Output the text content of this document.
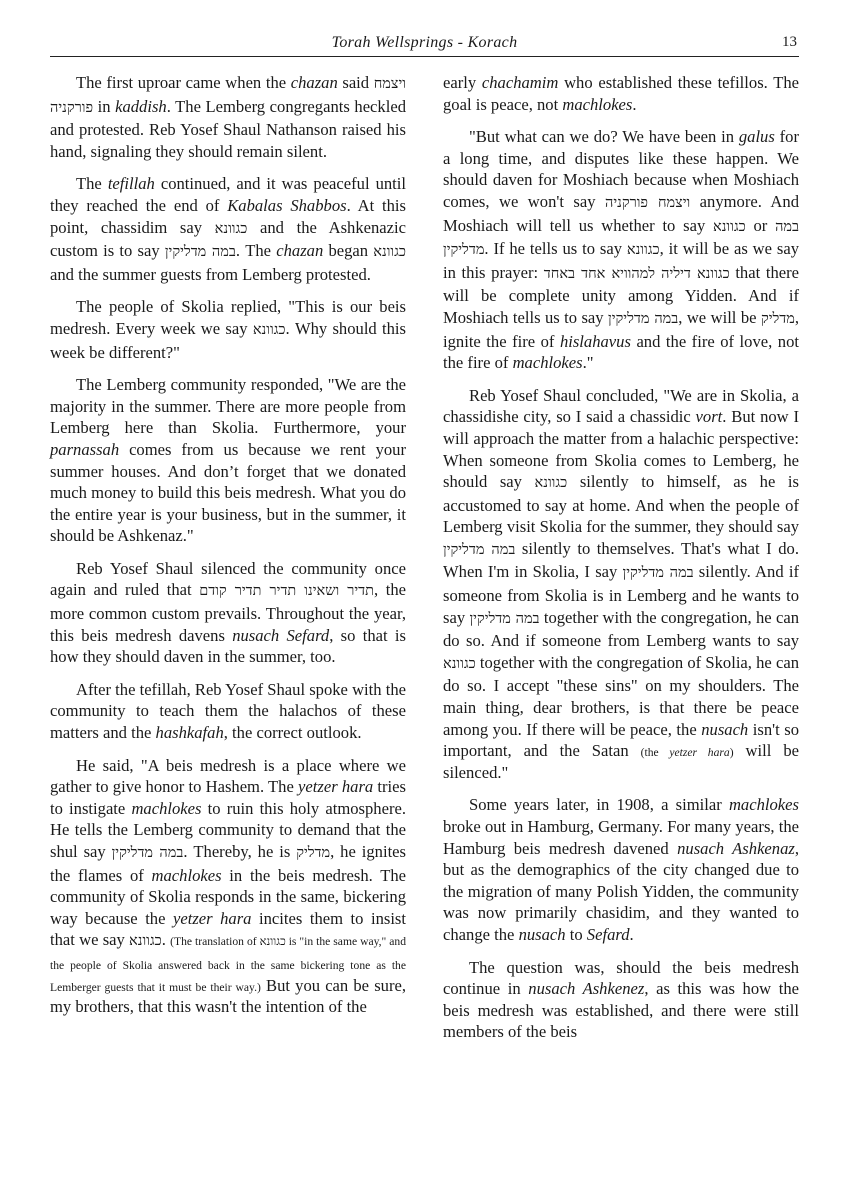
Torah Wellsprings - Korach	13

The first uproar came when the chazan said ויצמח פורקניה in kaddish. The Lemberg congregants heckled and protested. Reb Yosef Shaul Nathanson raised his hand, signaling they should remain silent.

The tefillah continued, and it was peaceful until they reached the end of Kabalas Shabbos. At this point, chassidim say כגוונא and the Ashkenazic custom is to say במה מדליקין. The chazan began כגוונא and the summer guests from Lemberg protested.

The people of Skolia replied, "This is our beis medresh. Every week we say כגוונא. Why should this week be different?"

The Lemberg community responded, "We are the majority in the summer. There are more people from Lemberg here than Skolia. Furthermore, your parnassah comes from us because we rent your summer houses. And don’t forget that we donated much money to build this beis medresh. What you do the entire year is your business, but in the summer, it should be Ashkenaz."

Reb Yosef Shaul silenced the community once again and ruled that תדיר ושאינו תדיר תדיר קודם, the more common custom prevails. Throughout the year, this beis medresh davens nusach Sefard, so that is how they should daven in the summer, too.

After the tefillah, Reb Yosef Shaul spoke with the community to teach them the halachos of these matters and the hashkafah, the correct outlook.

He said, "A beis medresh is a place where we gather to give honor to Hashem. The yetzer hara tries to instigate machlokes to ruin this holy atmosphere. He tells the Lemberg community to demand that the shul say במה מדליקין. Thereby, he is מדליק, he ignites the flames of machlokes in the beis medresh. The community of Skolia responds in the same, bickering way because the yetzer hara incites them to insist that we say כגוונא. (The translation of כגוונא is "in the same way," and the people of Skolia answered back in the same bickering tone as the Lemberger guests that it must be their way.) But you can be sure, my brothers, that this wasn't the intention of the

early chachamim who established these tefillos. The goal is peace, not machlokes.

"But what can we do? We have been in galus for a long time, and disputes like these happen. We should daven for Moshiach because when Moshiach comes, we won't say ויצמח פורקניה anymore. And Moshiach will tell us whether to say כגוונא or במה מדליקין. If he tells us to say כגוונא, it will be as we say in this prayer: כגוונא דיליה למהוויא אחד באחד that there will be complete unity among Yidden. And if Moshiach tells us to say במה מדליקין, we will be מדליק, ignite the fire of hislahavus and the fire of love, not the fire of machlokes."

Reb Yosef Shaul concluded, "We are in Skolia, a chassidishe city, so I said a chassidic vort. But now I will approach the matter from a halachic perspective: When someone from Skolia comes to Lemberg, he should say כגוונא silently to himself, as he is accustomed to say at home. And when the people of Lemberg visit Skolia for the summer, they should say במה מדליקין silently to themselves. That's what I do. When I'm in Skolia, I say במה מדליקין silently. And if someone from Skolia is in Lemberg and he wants to say במה מדליקין together with the congregation, he can do so. And if someone from Lemberg wants to say כגוונא together with the congregation of Skolia, he can do so. I accept "these sins" on my shoulders. The main thing, dear brothers, is that there be peace among you. If there will be peace, the nusach isn't so important, and the Satan (the yetzer hara) will be silenced."

Some years later, in 1908, a similar machlokes broke out in Hamburg, Germany. For many years, the Hamburg beis medresh davened nusach Ashkenaz, but as the demographics of the city changed due to the migration of many Polish Yidden, the community was now primarily chasidim, and they wanted to change the nusach to Sefard.

The question was, should the beis medresh continue in nusach Ashkenez, as this was how the beis medresh was established, and there were still members of the beis
